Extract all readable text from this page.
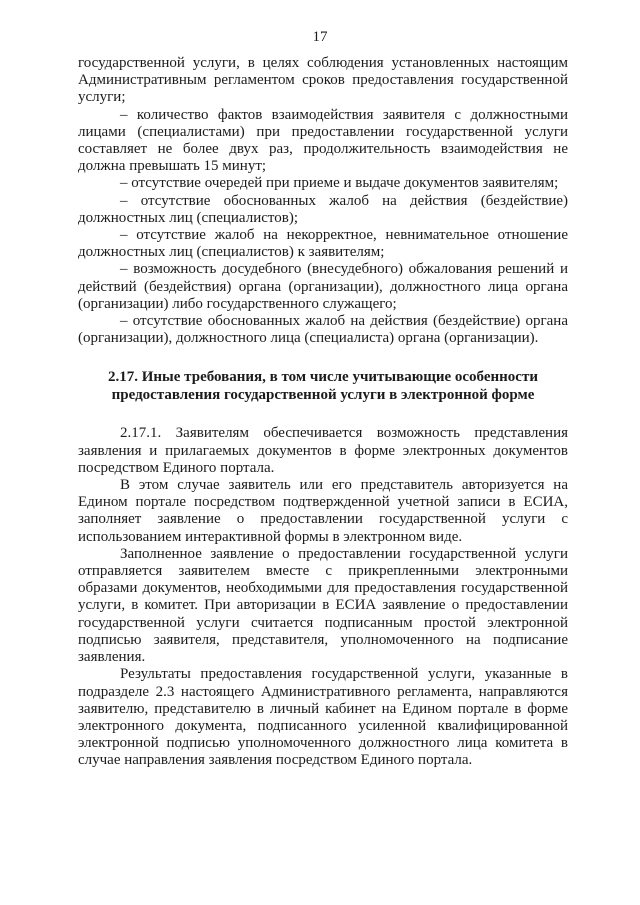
17

государственной услуги, в целях соблюдения установленных настоящим Административным регламентом сроков предоставления государственной услуги;

– количество фактов взаимодействия заявителя с должностными лицами (специалистами) при предоставлении государственной услуги составляет не более двух раз, продолжительность взаимодействия не должна превышать 15 минут;

– отсутствие очередей при приеме и выдаче документов заявителям;

– отсутствие обоснованных жалоб на действия (бездействие) должностных лиц (специалистов);

– отсутствие жалоб на некорректное, невнимательное отношение должностных лиц (специалистов) к заявителям;

– возможность досудебного (внесудебного) обжалования решений и действий (бездействия) органа (организации), должностного лица органа (организации) либо государственного служащего;

– отсутствие обоснованных жалоб на действия (бездействие) органа (организации), должностного лица (специалиста) органа (организации).

2.17. Иные требования, в том числе учитывающие особенности предоставления государственной услуги в электронной форме

2.17.1. Заявителям обеспечивается возможность представления заявления и прилагаемых документов в форме электронных документов посредством Единого портала.

В этом случае заявитель или его представитель авторизуется на Едином портале посредством подтвержденной учетной записи в ЕСИА, заполняет заявление о предоставлении государственной услуги с использованием интерактивной формы в электронном виде.

Заполненное заявление о предоставлении государственной услуги отправляется заявителем вместе с прикрепленными электронными образами документов, необходимыми для предоставления государственной услуги, в комитет. При авторизации в ЕСИА заявление о предоставлении государственной услуги считается подписанным простой электронной подписью заявителя, представителя, уполномоченного на подписание заявления.

Результаты предоставления государственной услуги, указанные в подразделе 2.3 настоящего Административного регламента, направляются заявителю, представителю в личный кабинет на Едином портале в форме электронного документа, подписанного усиленной квалифицированной электронной подписью уполномоченного должностного лица комитета в случае направления заявления посредством Единого портала.
